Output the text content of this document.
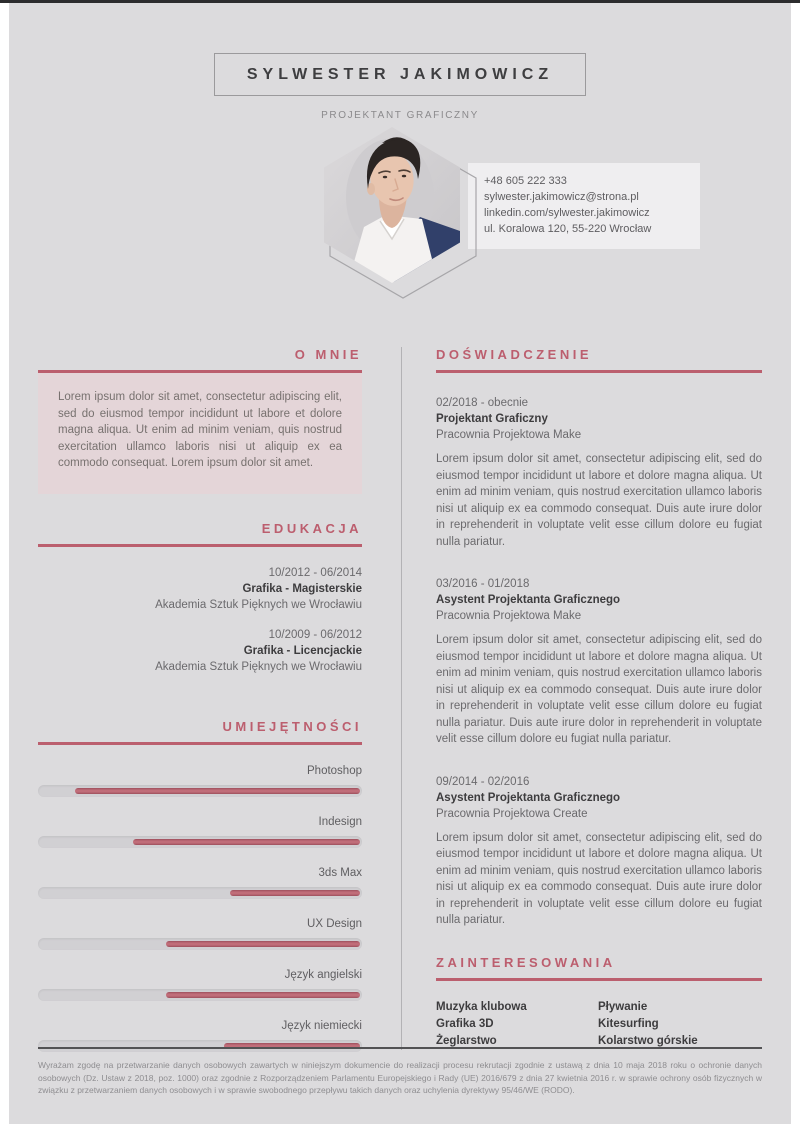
SYLWESTER JAKIMOWICZ
PROJEKTANT GRAFICZNY
+48 605 222 333
sylwester.jakimowicz@strona.pl
linkedin.com/sylwester.jakimowicz
ul. Koralowa 120, 55-220 Wrocław
O MNIE
Lorem ipsum dolor sit amet, consectetur adipiscing elit, sed do eiusmod tempor incididunt ut labore et dolore magna aliqua. Ut enim ad minim veniam, quis nostrud exercitation ullamco laboris nisi ut aliquip ex ea commodo consequat. Lorem ipsum dolor sit amet.
EDUKACJA
10/2012 - 06/2014
Grafika - Magisterskie
Akademia Sztuk Pięknych we Wrocławiu
10/2009 - 06/2012
Grafika - Licencjackie
Akademia Sztuk Pięknych we Wrocławiu
UMIEJĘTNOŚCI
Photoshop
Indesign
3ds Max
UX Design
Język angielski
Język niemiecki
DOŚWIADCZENIE
02/2018 - obecnie
Projektant Graficzny
Pracownia Projektowa Make
Lorem ipsum dolor sit amet, consectetur adipiscing elit, sed do eiusmod tempor incididunt ut labore et dolore magna aliqua. Ut enim ad minim veniam, quis nostrud exercitation ullamco laboris nisi ut aliquip ex ea commodo consequat. Duis aute irure dolor in reprehenderit in voluptate velit esse cillum dolore eu fugiat nulla pariatur.
03/2016 - 01/2018
Asystent Projektanta Graficznego
Pracownia Projektowa Make
Lorem ipsum dolor sit amet, consectetur adipiscing elit, sed do eiusmod tempor incididunt ut labore et dolore magna aliqua. Ut enim ad minim veniam, quis nostrud exercitation ullamco laboris nisi ut aliquip ex ea commodo consequat. Duis aute irure dolor in reprehenderit in voluptate velit esse cillum dolore eu fugiat nulla pariatur. Duis aute irure dolor in reprehenderit in voluptate velit esse cillum dolore eu fugiat nulla pariatur.
09/2014 - 02/2016
Asystent Projektanta Graficznego
Pracownia Projektowa Create
Lorem ipsum dolor sit amet, consectetur adipiscing elit, sed do eiusmod tempor incididunt ut labore et dolore magna aliqua. Ut enim ad minim veniam, quis nostrud exercitation ullamco laboris nisi ut aliquip ex ea commodo consequat. Duis aute irure dolor in reprehenderit in voluptate velit esse cillum dolore eu fugiat nulla pariatur.
ZAINTERESOWANIA
Muzyka klubowa
Grafika 3D
Żeglarstwo
Pływanie
Kitesurfing
Kolarstwo górskie
Wyrażam zgodę na przetwarzanie danych osobowych zawartych w niniejszym dokumencie do realizacji procesu rekrutacji zgodnie z ustawą z dnia 10 maja 2018 roku o ochronie danych osobowych (Dz. Ustaw z 2018, poz. 1000) oraz zgodnie z Rozporządzeniem Parlamentu Europejskiego i Rady (UE) 2016/679 z dnia 27 kwietnia 2016 r. w sprawie ochrony osób fizycznych w związku z przetwarzaniem danych osobowych i w sprawie swobodnego przepływu takich danych oraz uchylenia dyrektywy 95/46/WE (RODO).
